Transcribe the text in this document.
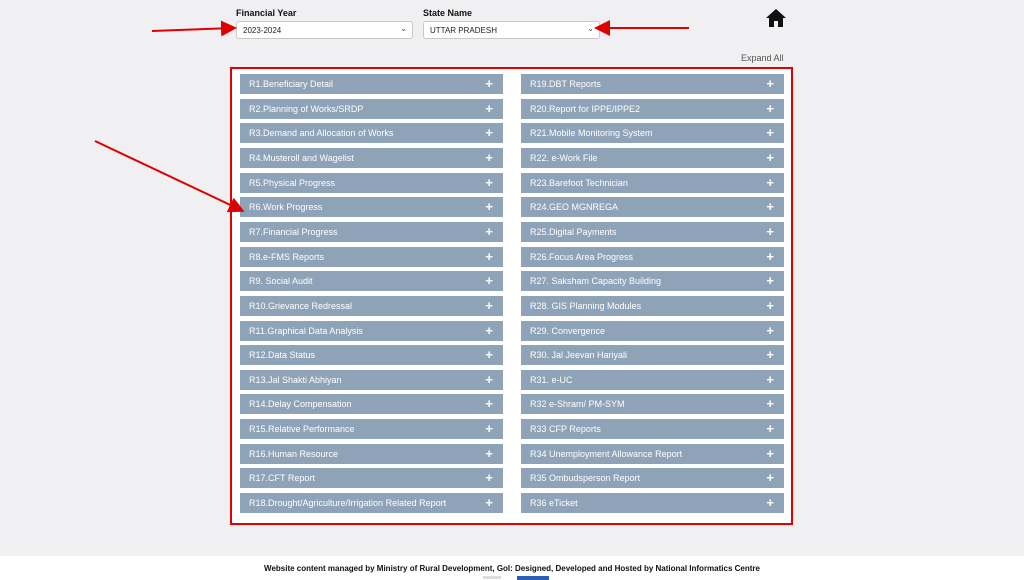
Financial Year
2023-2024	⌄
State Name
UTTAR PRADESH	⌄
Expand All
R1.Beneficiary Detail	+
R2.Planning of Works/SRDP	+
R3.Demand and Allocation of Works	+
R4.Musteroll and Wagelist	+
R5.Physical Progress	+
R6.Work Progress	+
R7.Financial Progress	+
R8.e-FMS Reports	+
R9. Social Audit	+
R10.Grievance Redressal	+
R11.Graphical Data Analysis	+
R12.Data Status	+
R13.Jal Shakti Abhiyan	+
R14.Delay Compensation	+
R15.Relative Performance	+
R16.Human Resource	+
R17.CFT Report	+
R18.Drought/Agriculture/Irrigation Related Report	+
R19.DBT Reports	+
R20.Report for IPPE/IPPE2	+
R21.Mobile Monitoring System	+
R22. e-Work File	+
R23.Barefoot Technician	+
R24.GEO MGNREGA	+
R25.Digital Payments	+
R26.Focus Area Progress	+
R27. Saksham Capacity Building	+
R28. GIS Planning Modules	+
R29. Convergence	+
R30. Jal Jeevan Hariyali	+
R31. e-UC	+
R32 e-Shram/ PM-SYM	+
R33 CFP Reports	+
R34 Unemployment Allowance Report	+
R35 Ombudsperson Report	+
R36 eTicket	+
Website content managed by Ministry of Rural Development, GoI: Designed, Developed and Hosted by National Informatics Centre
